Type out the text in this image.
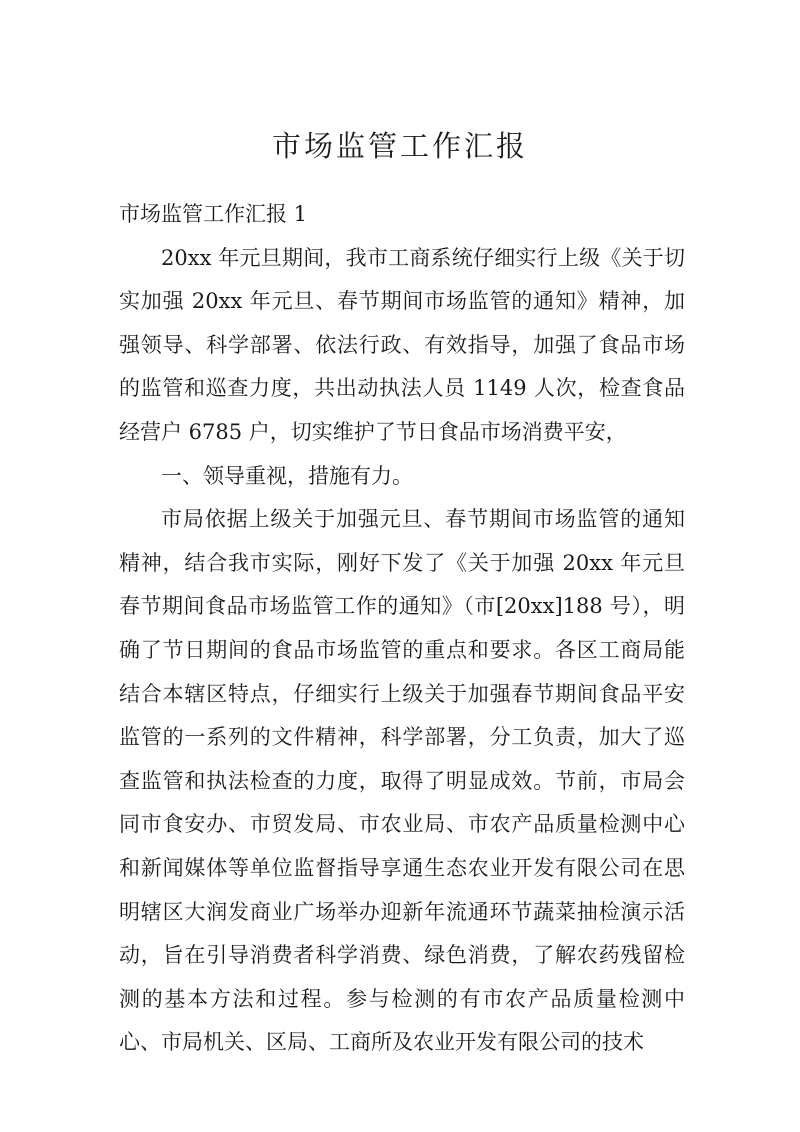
市场监管工作汇报

市场监管工作汇报 1

20xx 年元旦期间，我市工商系统仔细实行上级《关于切实加强 20xx 年元旦、春节期间市场监管的通知》精神，加强领导、科学部署、依法行政、有效指导，加强了食品市场的监管和巡查力度，共出动执法人员 1149 人次，检查食品经营户 6785 户，切实维护了节日食品市场消费平安，

一、领导重视，措施有力。

市局依据上级关于加强元旦、春节期间市场监管的通知精神，结合我市实际，刚好下发了《关于加强 20xx 年元旦春节期间食品市场监管工作的通知》（市[20xx]188 号），明确了节日期间的食品市场监管的重点和要求。各区工商局能结合本辖区特点，仔细实行上级关于加强春节期间食品平安监管的一系列的文件精神，科学部署，分工负责，加大了巡查监管和执法检查的力度，取得了明显成效。节前，市局会同市食安办、市贸发局、市农业局、市农产品质量检测中心和新闻媒体等单位监督指导享通生态农业开发有限公司在思明辖区大润发商业广场举办迎新年流通环节蔬菜抽检演示活动，旨在引导消费者科学消费、绿色消费，了解农药残留检测的基本方法和过程。参与检测的有市农产品质量检测中心、市局机关、区局、工商所及农业开发有限公司的技术
